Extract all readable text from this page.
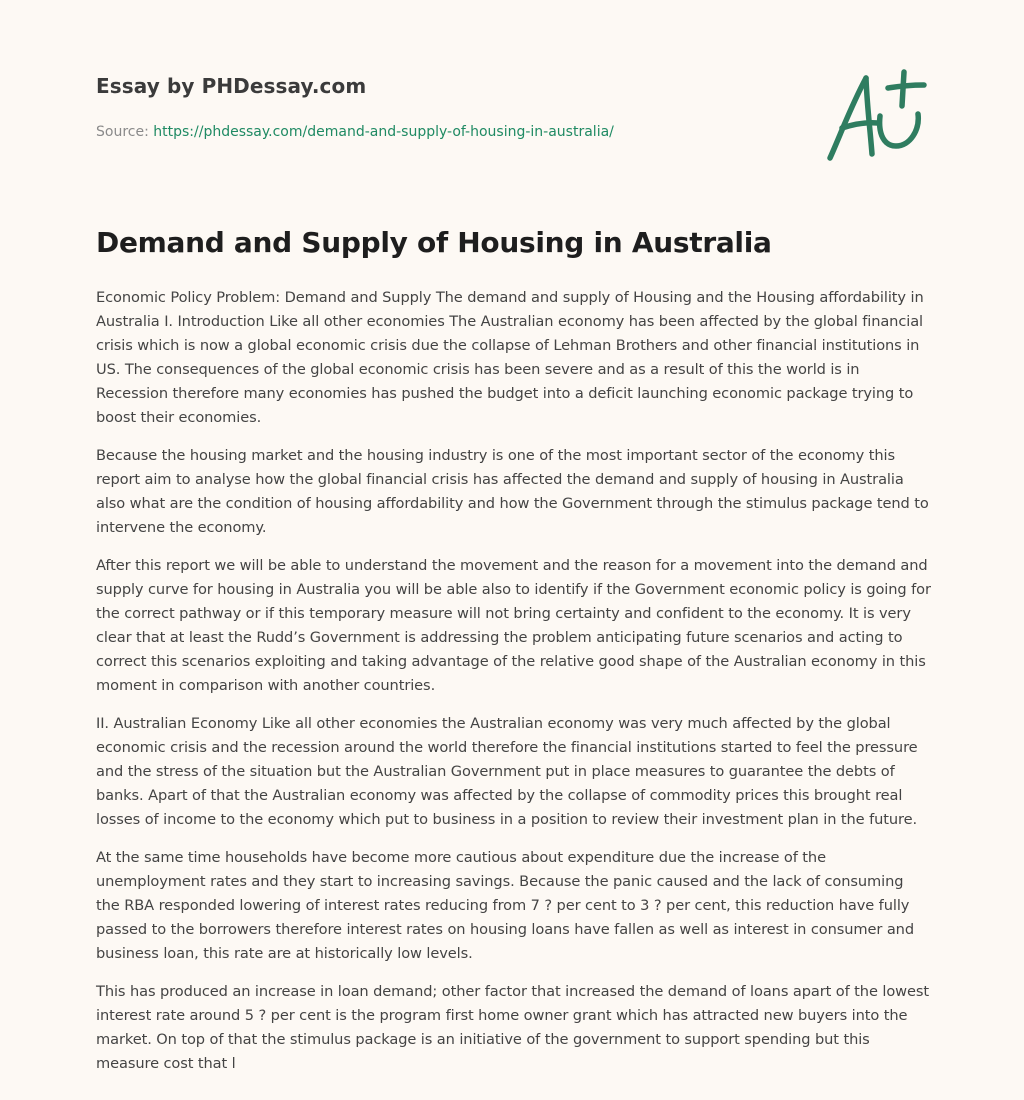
Essay by PHDessay.com
Source: https://phdessay.com/demand-and-supply-of-housing-in-australia/
Demand and Supply of Housing in Australia

Economic Policy Problem: Demand and Supply The demand and supply of Housing and the Housing affordability in Australia I. Introduction Like all other economies The Australian economy has been affected by the global financial crisis which is now a global economic crisis due the collapse of Lehman Brothers and other financial institutions in US. The consequences of the global economic crisis has been severe and as a result of this the world is in Recession therefore many economies has pushed the budget into a deficit launching economic package trying to boost their economies.

Because the housing market and the housing industry is one of the most important sector of the economy this report aim to analyse how the global financial crisis has affected the demand and supply of housing in Australia also what are the condition of housing affordability and how the Government through the stimulus package tend to intervene the economy.

After this report we will be able to understand the movement and the reason for a movement into the demand and supply curve for housing in Australia you will be able also to identify if the Government economic policy is going for the correct pathway or if this temporary measure will not bring certainty and confident to the economy. It is very clear that at least the Rudd’s Government is addressing the problem anticipating future scenarios and acting to correct this scenarios exploiting and taking advantage of the relative good shape of the Australian economy in this moment in comparison with another countries.

II. Australian Economy Like all other economies the Australian economy was very much affected by the global economic crisis and the recession around the world therefore the financial institutions started to feel the pressure and the stress of the situation but the Australian Government put in place measures to guarantee the debts of banks. Apart of that the Australian economy was affected by the collapse of commodity prices this brought real losses of income to the economy which put to business in a position to review their investment plan in the future.

At the same time households have become more cautious about expenditure due the increase of the unemployment rates and they start to increasing savings. Because the panic caused and the lack of consuming the RBA responded lowering of interest rates reducing from 7 ? per cent to 3 ? per cent, this reduction have fully passed to the borrowers therefore interest rates on housing loans have fallen as well as interest in consumer and business loan, this rate are at historically low levels.

This has produced an increase in loan demand; other factor that increased the demand of loans apart of the lowest interest rate around 5 ? per cent is the program first home owner grant which has attracted new buyers into the market. On top of that the stimulus package is an initiative of the government to support spending but this measure cost that l
